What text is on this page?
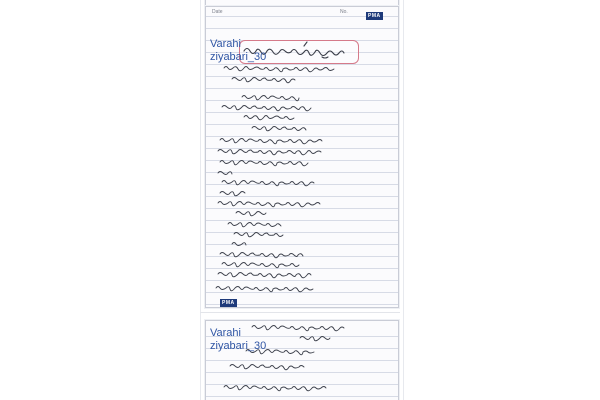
Date	No.
PMA
PMA
Varahi
ziyabari_30
Varahi
ziyabari_30
